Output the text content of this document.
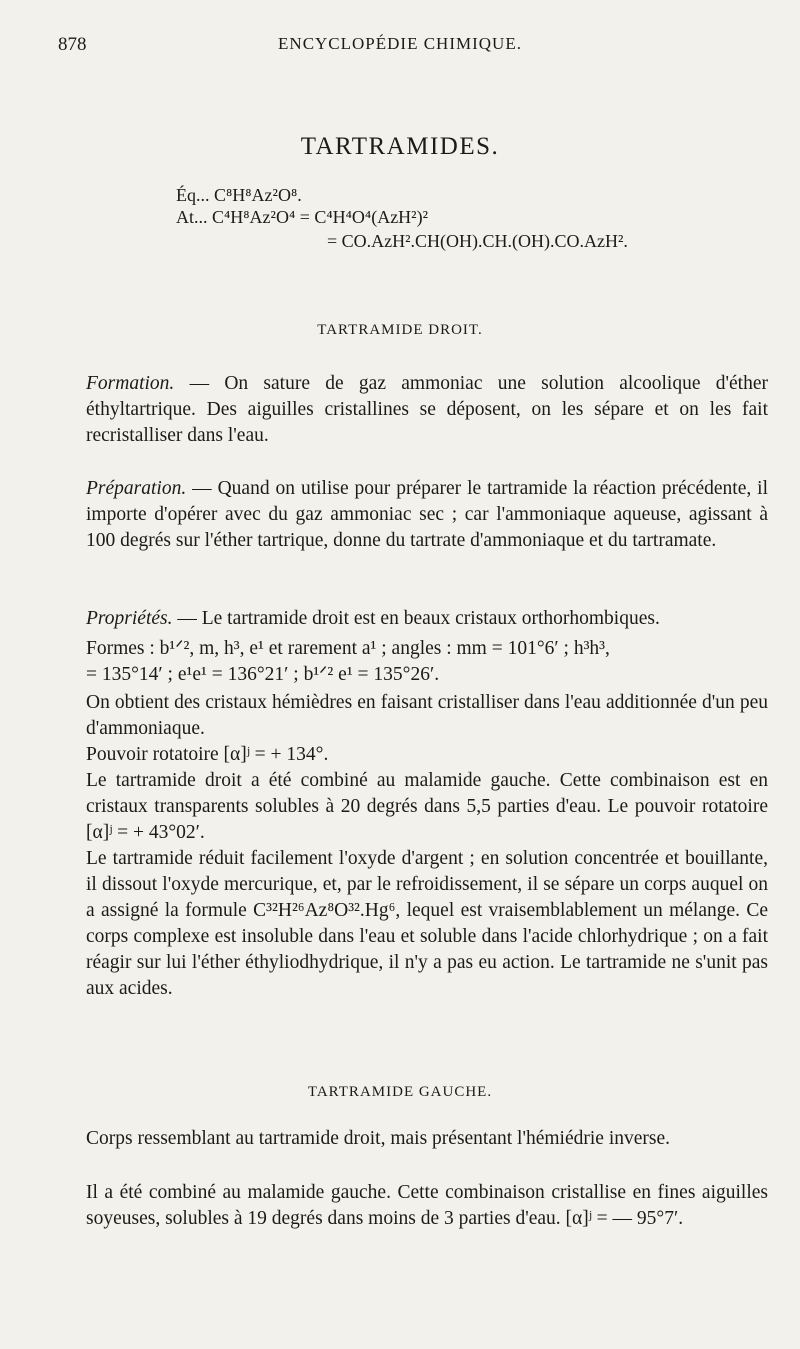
878	ENCYCLOPÉDIE CHIMIQUE.
TARTRAMIDES.
Éq... C⁸H⁸Az²O⁸.
At... C⁴H⁸Az²O⁴ = C⁴H⁴O⁴(AzH²)²
= CO.AzH².CH(OH).CH.(OH).CO.AzH².
TARTRAMIDE DROIT.
Formation. — On sature de gaz ammoniac une solution alcoolique d'éther éthyltartrique. Des aiguilles cristallines se déposent, on les sépare et on les fait recristalliser dans l'eau.
Préparation. — Quand on utilise pour préparer le tartramide la réaction précédente, il importe d'opérer avec du gaz ammoniac sec ; car l'ammoniaque aqueuse, agissant à 100 degrés sur l'éther tartrique, donne du tartrate d'ammoniaque et du tartramate.
Propriétés. — Le tartramide droit est en beaux cristaux orthorhombiques.
Formes : b¹ᐟ², m, h³, e¹ et rarement a¹ ; angles : mm = 101°6′ ; h³h³,
= 135°14′ ; e¹e¹ = 136°21′ ; b¹ᐟ² e¹ = 135°26′.
On obtient des cristaux hémièdres en faisant cristalliser dans l'eau additionnée d'un peu d'ammoniaque.
Pouvoir rotatoire [α]ʲ = + 134°.
Le tartramide droit a été combiné au malamide gauche. Cette combinaison est en cristaux transparents solubles à 20 degrés dans 5,5 parties d'eau. Le pouvoir rotatoire [α]ʲ = + 43°02′.
Le tartramide réduit facilement l'oxyde d'argent ; en solution concentrée et bouillante, il dissout l'oxyde mercurique, et, par le refroidissement, il se sépare un corps auquel on a assigné la formule C³²H²⁶Az⁸O³².Hg⁶, lequel est vraisemblablement un mélange. Ce corps complexe est insoluble dans l'eau et soluble dans l'acide chlorhydrique ; on a fait réagir sur lui l'éther éthyliodhydrique, il n'y a pas eu action. Le tartramide ne s'unit pas aux acides.
TARTRAMIDE GAUCHE.
Corps ressemblant au tartramide droit, mais présentant l'hémiédrie inverse.
Il a été combiné au malamide gauche. Cette combinaison cristallise en fines aiguilles soyeuses, solubles à 19 degrés dans moins de 3 parties d'eau. [α]ʲ = — 95°7′.
